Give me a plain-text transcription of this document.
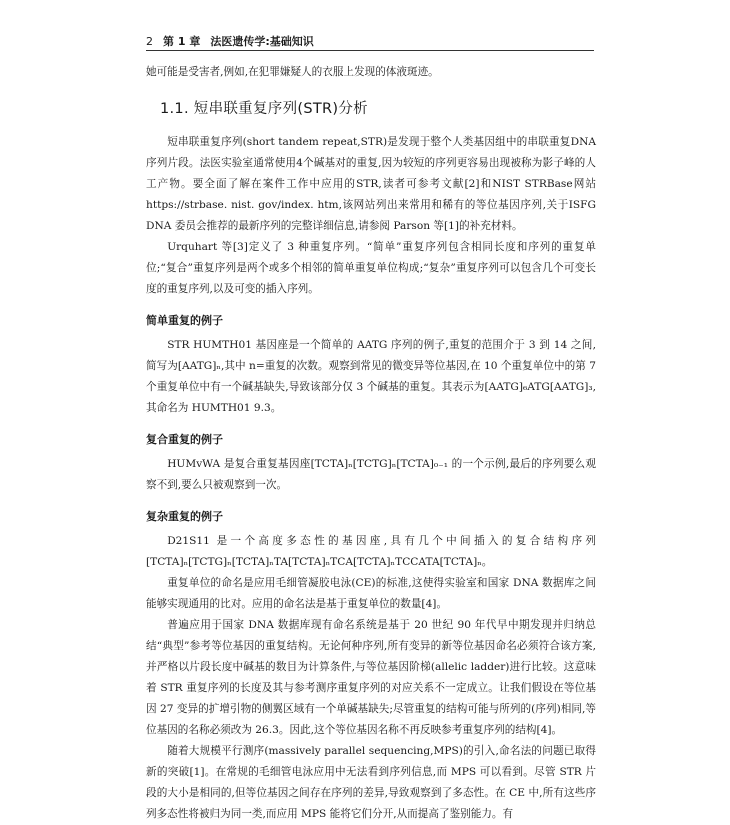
2 第 1 章 法医遗传学:基础知识

她可能是受害者,例如,在犯罪嫌疑人的衣服上发现的体液斑迹。

1.1. 短串联重复序列(STR)分析

短串联重复序列(short tandem repeat,STR)是发现于整个人类基因组中的串联重复DNA序列片段。法医实验室通常使用4个碱基对的重复,因为较短的序列更容易出现被称为影子峰的人工产物。要全面了解在案件工作中应用的STR,读者可参考文献[2]和NIST STRBase网站 https://strbase. nist. gov/index. htm,该网站列出来常用和稀有的等位基因序列,关于ISFG DNA 委员会推荐的最新序列的完整详细信息,请参阅 Parson 等[1]的补充材料。

Urquhart 等[3]定义了 3 种重复序列。“简单”重复序列包含相同长度和序列的重复单位;“复合”重复序列是两个或多个相邻的简单重复单位构成;“复杂”重复序列可以包含几个可变长度的重复序列,以及可变的插入序列。

简单重复的例子

STR HUMTH01 基因座是一个简单的 AATG 序列的例子,重复的范围介于 3 到 14 之间,简写为[AATG]ₙ,其中 n=重复的次数。观察到常见的微变异等位基因,在 10 个重复单位中的第 7 个重复单位中有一个碱基缺失,导致该部分仅 3 个碱基的重复。其表示为[AATG]₆ATG[AATG]₃,其命名为 HUMTH01 9.3。

复合重复的例子

HUMvWA 是复合重复基因座[TCTA]ₙ[TCTG]ₙ[TCTA]₀₋₁ 的一个示例,最后的序列要么观察不到,要么只被观察到一次。

复杂重复的例子

D21S11 是一个高度多态性的基因座,具有几个中间插入的复合结构序列[TCTA]ₙ[TCTG]ₙ[TCTA]ₙTA[TCTA]ₙTCA[TCTA]ₙTCCATA[TCTA]ₙ。

重复单位的命名是应用毛细管凝胶电泳(CE)的标准,这使得实验室和国家 DNA 数据库之间能够实现通用的比对。应用的命名法是基于重复单位的数量[4]。

普遍应用于国家 DNA 数据库现有命名系统是基于 20 世纪 90 年代早中期发现并归纳总结“典型”参考等位基因的重复结构。无论何种序列,所有变异的新等位基因命名必须符合该方案,并严格以片段长度中碱基的数目为计算条件,与等位基因阶梯(allelic ladder)进行比较。这意味着 STR 重复序列的长度及其与参考测序重复序列的对应关系不一定成立。让我们假设在等位基因 27 变异的扩增引物的侧翼区域有一个单碱基缺失;尽管重复的结构可能与所列的(序列)相同,等位基因的名称必须改为 26.3。因此,这个等位基因名称不再反映参考重复序列的结构[4]。

随着大规模平行测序(massively parallel sequencing,MPS)的引入,命名法的问题已取得新的突破[1]。在常规的毛细管电泳应用中无法看到序列信息,而 MPS 可以看到。尽管 STR 片段的大小是相同的,但等位基因之间存在序列的差异,导致观察到了多态性。在 CE 中,所有这些序列多态性将被归为同一类,而应用 MPS 能将它们分开,从而提高了鉴别能力。有
